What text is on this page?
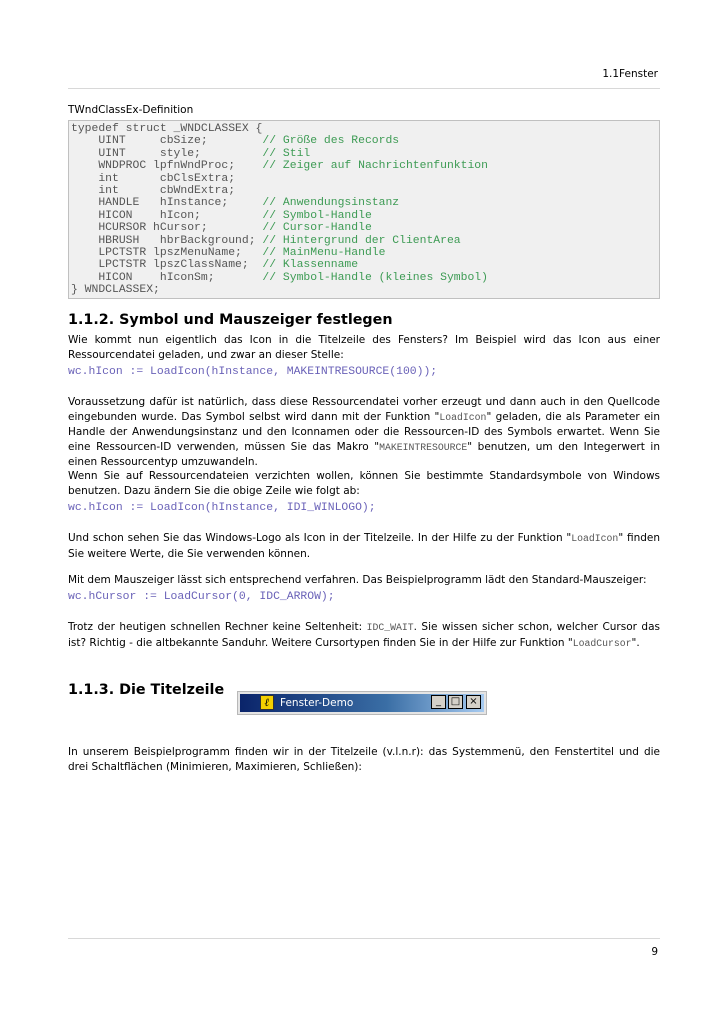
1.1Fenster

TWndClassEx-Definition

typedef struct _WNDCLASSEX {
UINT     cbSize;        // Größe des Records
UINT     style;         // Stil
WNDPROC lpfnWndProc;    // Zeiger auf Nachrichtenfunktion
int      cbClsExtra;
int      cbWndExtra;
HANDLE   hInstance;     // Anwendungsinstanz
HICON    hIcon;         // Symbol-Handle
HCURSOR hCursor;        // Cursor-Handle
HBRUSH   hbrBackground; // Hintergrund der ClientArea
LPCTSTR lpszMenuName;   // MainMenu-Handle
LPCTSTR lpszClassName;  // Klassenname
HICON    hIconSm;       // Symbol-Handle (kleines Symbol)
} WNDCLASSEX;
1.1.2. Symbol und Mauszeiger festlegen

Wie kommt nun eigentlich das Icon in die Titelzeile des Fensters? Im Beispiel wird das Icon aus einer Ressourcendatei geladen, und zwar an dieser Stelle:

wc.hIcon := LoadIcon(hInstance, MAKEINTRESOURCE(100));

Voraussetzung dafür ist natürlich, dass diese Ressourcendatei vorher erzeugt und dann auch in den Quellcode eingebunden wurde. Das Symbol selbst wird dann mit der Funktion "LoadIcon" geladen, die als Parameter ein Handle der Anwendungsinstanz und den Iconnamen oder die Ressourcen-ID des Symbols erwartet. Wenn Sie eine Ressourcen-ID verwenden, müssen Sie das Makro "MAKEINTRESOURCE" benutzen, um den Integerwert in einen Ressourcentyp umzuwandeln.

Wenn Sie auf Ressourcendateien verzichten wollen, können Sie bestimmte Standardsymbole von Windows benutzen. Dazu ändern Sie die obige Zeile wie folgt ab:

wc.hIcon := LoadIcon(hInstance, IDI_WINLOGO);

Und schon sehen Sie das Windows-Logo als Icon in der Titelzeile. In der Hilfe zu der Funktion "LoadIcon" finden Sie weitere Werte, die Sie verwenden können.

Mit dem Mauszeiger lässt sich entsprechend verfahren. Das Beispielprogramm lädt den Standard-Mauszeiger:

wc.hCursor := LoadCursor(0, IDC_ARROW);

Trotz der heutigen schnellen Rechner keine Seltenheit: IDC_WAIT. Sie wissen sicher schon, welcher Cursor das ist? Richtig - die altbekannte Sanduhr. Weitere Cursortypen finden Sie in der Hilfe zur Funktion "LoadCursor".

1.1.3. Die Titelzeile
ℓ	Fenster-Demo	_ □ ×

In unserem Beispielprogramm finden wir in der Titelzeile (v.l.n.r): das Systemmenü, den Fenstertitel und die drei Schaltflächen (Minimieren, Maximieren, Schließen):

9
